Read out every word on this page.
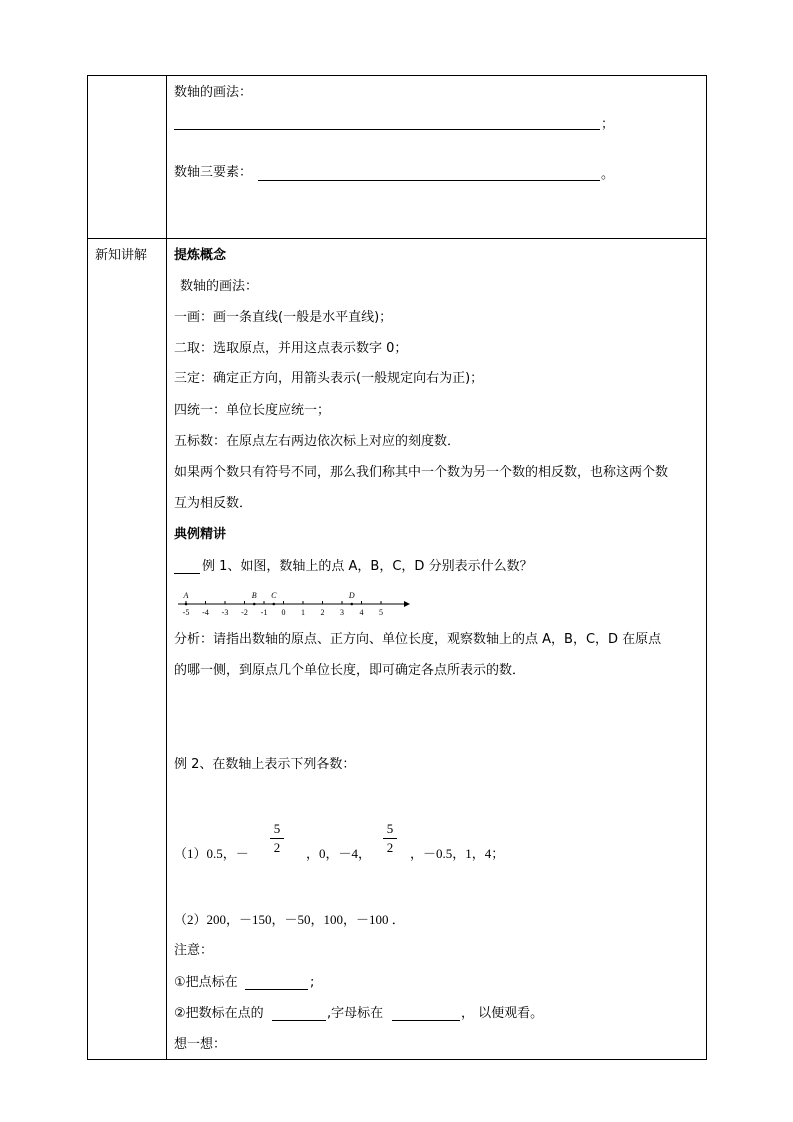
数轴的画法：
；
数轴三要素：	。
新知讲解 提炼概念
数轴的画法：
一画：画一条直线(一般是水平直线)；
二取：选取原点，并用这点表示数字 0；
三定：确定正方向，用箭头表示(一般规定向右为正)；
四统一：单位长度应统一；
五标数：在原点左右两边依次标上对应的刻度数．
如果两个数只有符号不同，那么我们称其中一个数为另一个数的相反数，也称这两个数
互为相反数．
典例精讲
例 1、如图，数轴上的点 A，B，C，D 分别表示什么数？
-5 -4 -3 -2 -1 0 1 2 3 4 5
A	B C	D
分析：请指出数轴的原点、正方向、单位长度，观察数轴上的点 A，B，C，D 在原点
的哪一侧，到原点几个单位长度，即可确定各点所表示的数．
例 2、在数轴上表示下列各数：
（1）0.5，－
5
2 ，0，－4，
5
2 ，－0.5，1，4；
（2）200，－150，－50，100，－100 ．
注意：
①把点标在	;
②把数标在点的	,字母标在	， 以便观看。
想一想：
